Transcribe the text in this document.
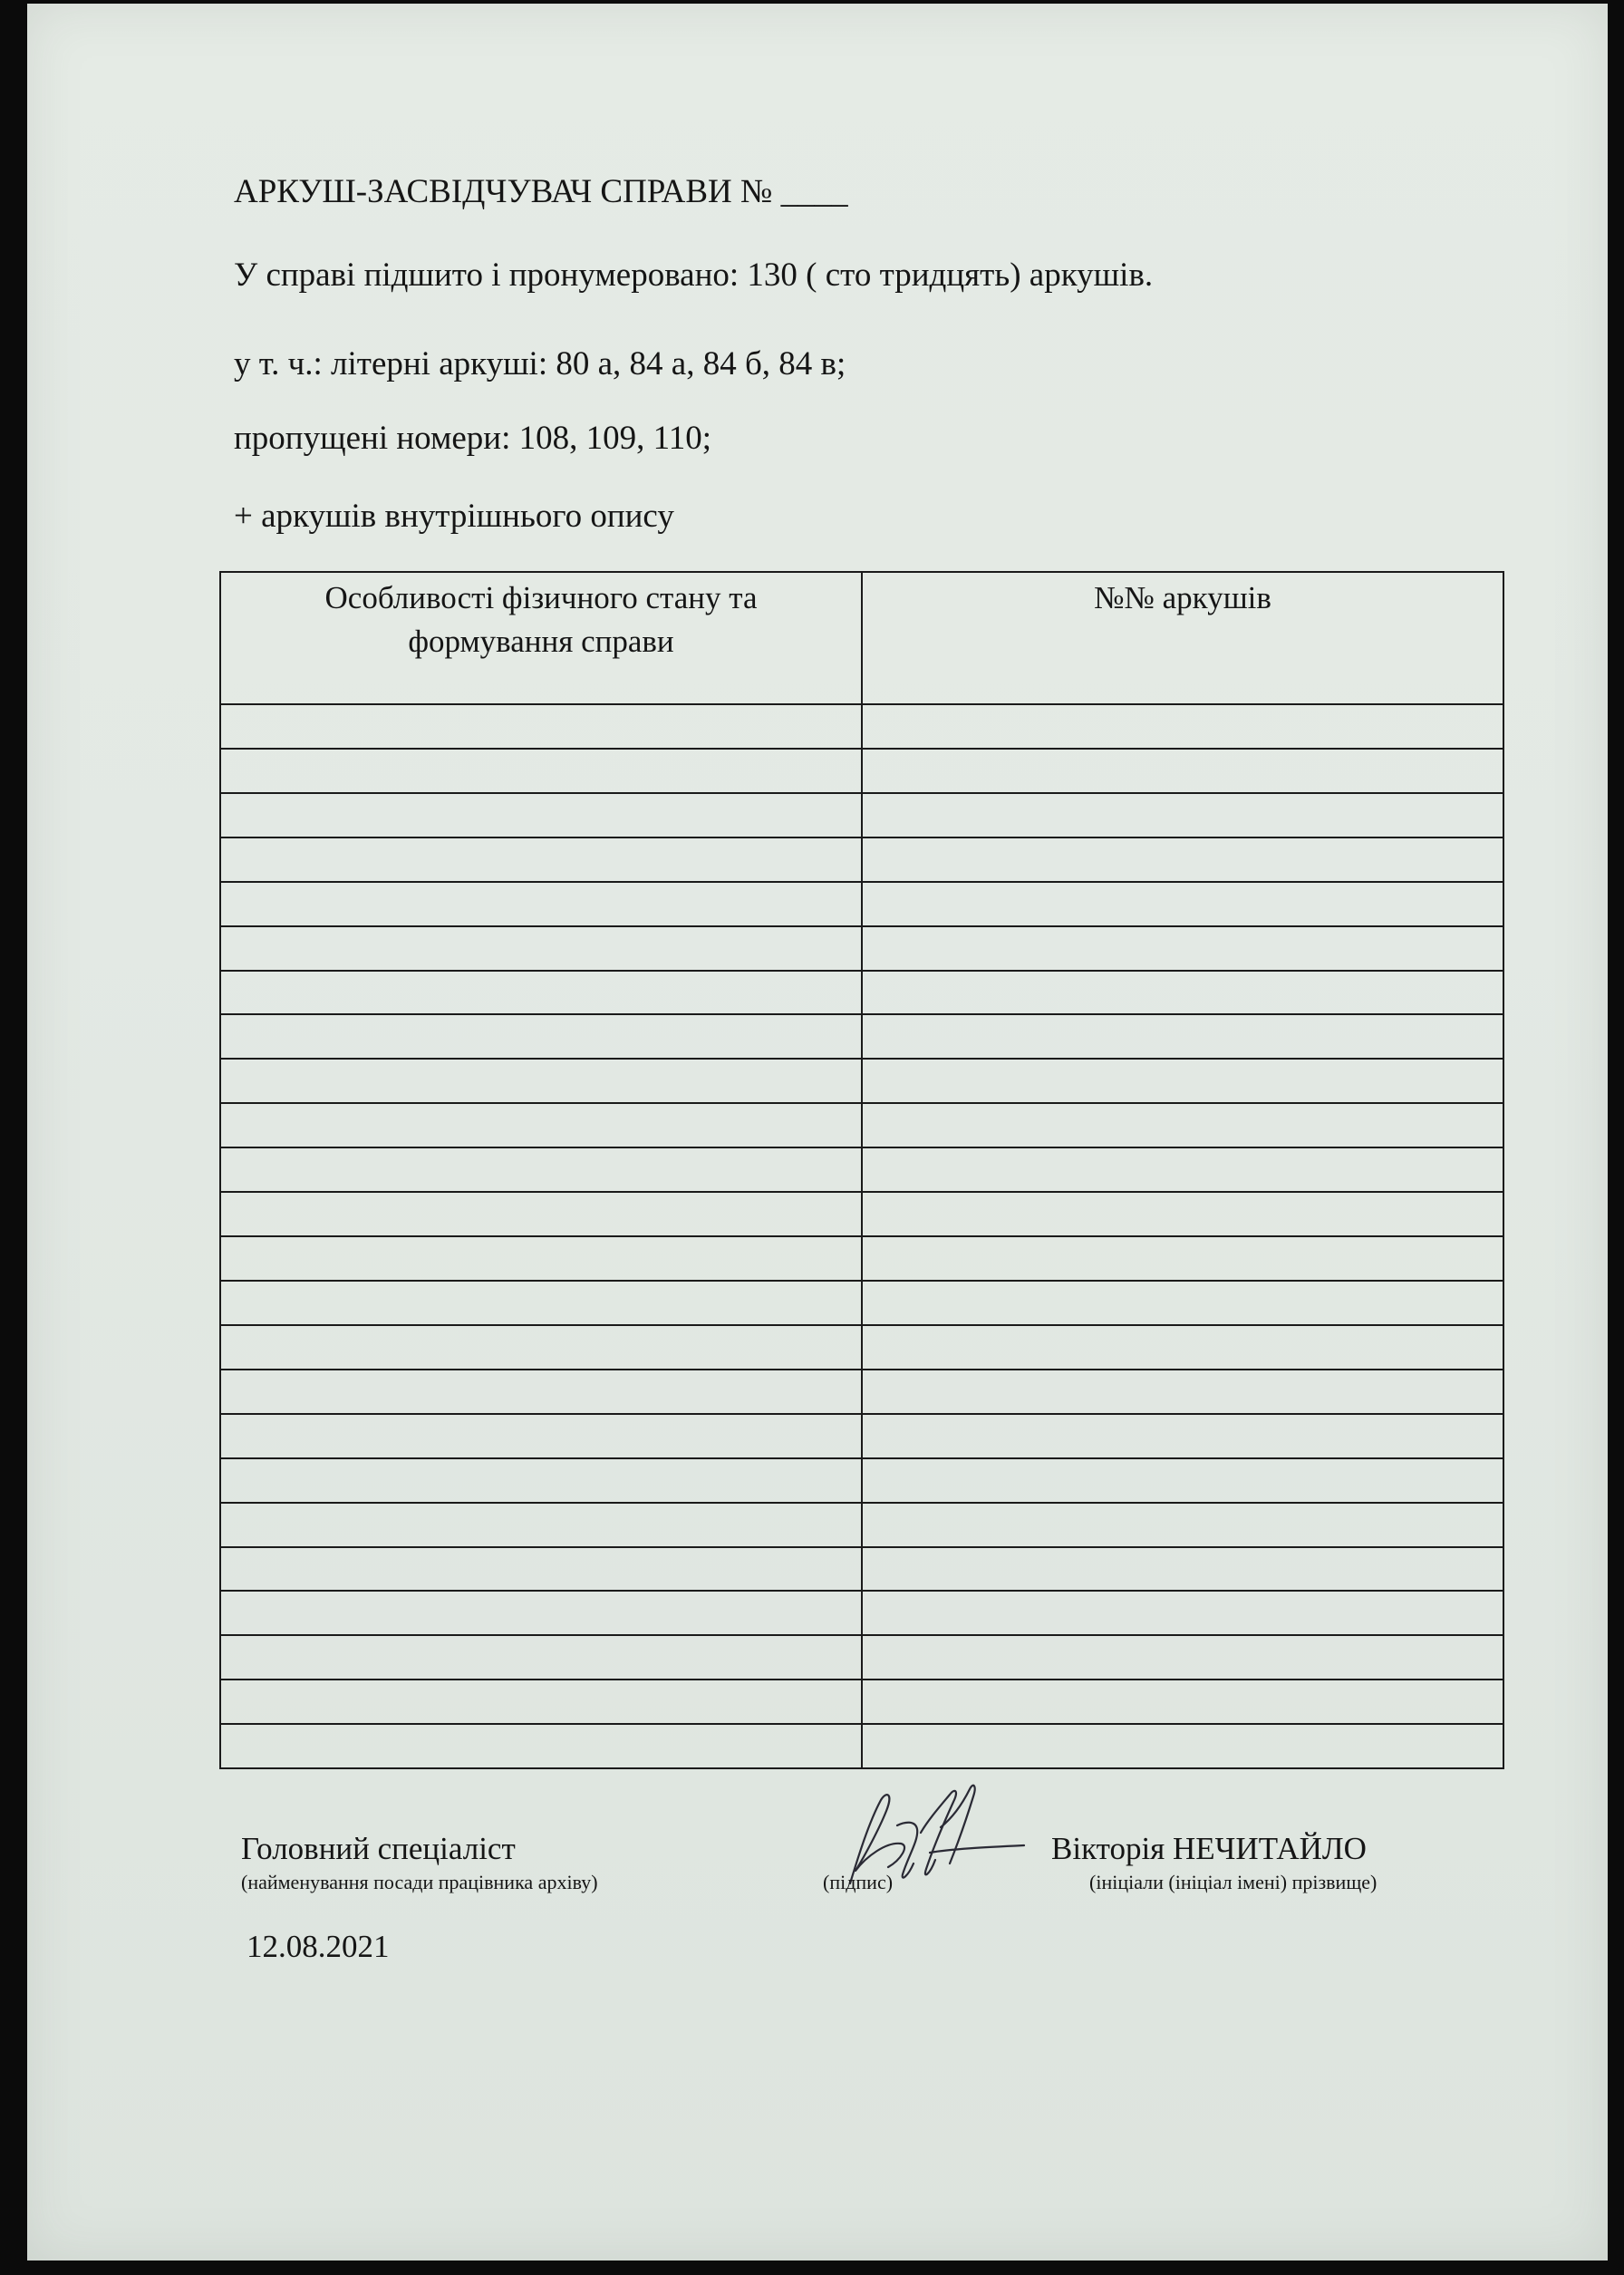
АРКУШ-ЗАСВІДЧУВАЧ СПРАВИ № ____
У справі підшито і пронумеровано: 130 ( сто тридцять) аркушів.
у т. ч.: літерні аркуші: 80 а, 84 а, 84 б, 84 в;
пропущені номери: 108, 109, 110;
+ аркушів внутрішнього опису
Особливості фізичного стану та
формування справи
№№ аркушів
Головний спеціаліст
(найменування посади працівника архіву)	(підпис)
Вікторія НЕЧИТАЙЛО
(ініціали (ініціал імені) прізвище)
12.08.2021
